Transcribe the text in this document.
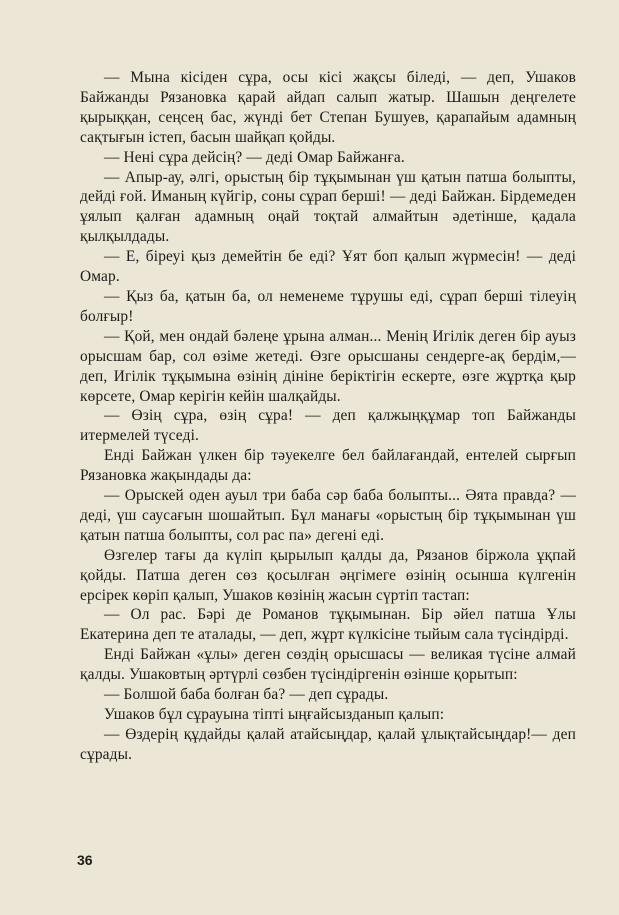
— Мына кісіден сұра, осы кісі жақсы біледі, — деп, Ушаков Байжанды Рязановка қарай айдап салып жатыр. Шашын деңгелете қырыққан, сеңсең бас, жүнді бет Степан Бушуев, қарапайым адамның сақтығын істеп, басын шайқап қойды.

— Нені сұра дейсің? — деді Омар Байжанға.

— Апыр-ау, әлгі, орыстың бір тұқымынан үш қатын патша болыпты, дейді ғой. Иманың күйгір, соны сұрап берші! — деді Байжан. Бірдемеден ұялып қалған адамның оңай тоқтай алмайтын әдетінше, қадала қылқылдады.

— Е, біреуі қыз демейтін бе еді? Ұят боп қалып жүрмесін! — деді Омар.

— Қыз ба, қатын ба, ол неменеме тұрушы еді, сұрап берші тілеуің болғыр!

— Қой, мен ондай бәлеңе ұрына алман... Менің Игілік деген бір ауыз орысшам бар, сол өзіме жетеді. Өзге орысшаны сендерге-ақ бердім,—деп, Игілік тұқымына өзінің дініне беріктігін ескерте, өзге жұртқа қыр көрсете, Омар керігін кейін шалқайды.

— Өзің сұра, өзің сұра! — деп қалжыңқұмар топ Байжанды итермелей түседі.

Енді Байжан үлкен бір тәуекелге бел байлағандай, ентелей сырғып Рязановка жақындады да:

— Орыскей оден ауыл три баба сәр баба болыпты... Әята правда? — деді, үш саусағын шошайтып. Бұл манағы «орыстың бір тұқымынан үш қатын патша болыпты, сол рас па» дегені еді.

Өзгелер тағы да күліп қырылып қалды да, Рязанов біржола ұқпай қойды. Патша деген сөз қосылған әңгімеге өзінің осынша күлгенін ерсірек көріп қалып, Ушаков көзінің жасын сүртіп тастап:

— Ол рас. Бәрі де Романов тұқымынан. Бір әйел патша Ұлы Екатерина деп те аталады, — деп, жұрт күлкісіне тыйым сала түсіндірді.

Енді Байжан «ұлы» деген сөздің орысшасы — великая түсіне алмай қалды. Ушаковтың әртүрлі сөзбен түсіндіргенін өзінше қорытып:

— Болшой баба болған ба? — деп сұрады.

Ушаков бұл сұрауына тіпті ыңғайсызданып қалып:

— Өздерің құдайды қалай атайсыңдар, қалай ұлықтайсыңдар!— деп сұрады.

36
